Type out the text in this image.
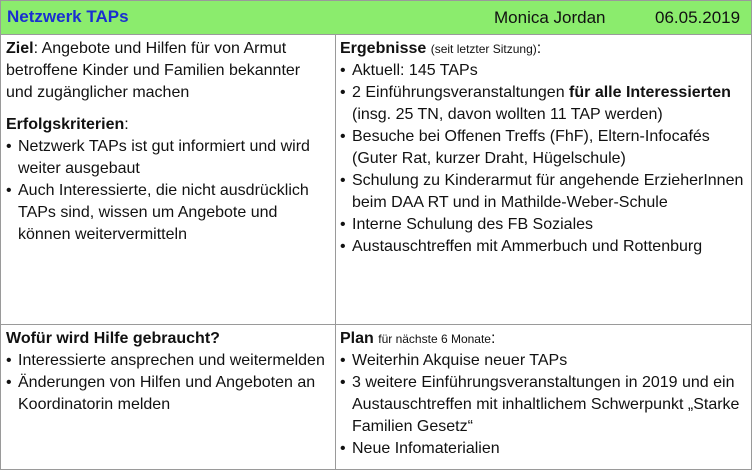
Netzwerk TAPs	Monica Jordan	06.05.2019
Ziel: Angebote und Hilfen für von Armut betroffene Kinder und Familien bekannter und zugänglicher machen
Erfolgskriterien:
• Netzwerk TAPs ist gut informiert und wird weiter ausgebaut
• Auch Interessierte, die nicht ausdrücklich TAPs sind, wissen um Angebote und können weitervermitteln
Ergebnisse (seit letzter Sitzung):
• Aktuell: 145 TAPs
• 2 Einführungsveranstaltungen für alle Interessierten (insg. 25 TN, davon wollten 11 TAP werden)
• Besuche bei Offenen Treffs (FhF), Eltern-Infocafés (Guter Rat, kurzer Draht, Hügelschule)
• Schulung zu Kinderarmut für angehende ErzieherInnen beim DAA RT und in Mathilde-Weber-Schule
• Interne Schulung des FB Soziales
• Austauschtreffen mit Ammerbuch und Rottenburg
Wofür wird Hilfe gebraucht?
• Interessierte ansprechen und weitermelden
• Änderungen von Hilfen und Angeboten an Koordinatorin melden
Plan für nächste 6 Monate:
• Weiterhin Akquise neuer TAPs
• 3 weitere Einführungsveranstaltungen in 2019 und ein Austauschtreffen mit inhaltlichem Schwerpunkt „Starke Familien Gesetz“
• Neue Infomaterialien
